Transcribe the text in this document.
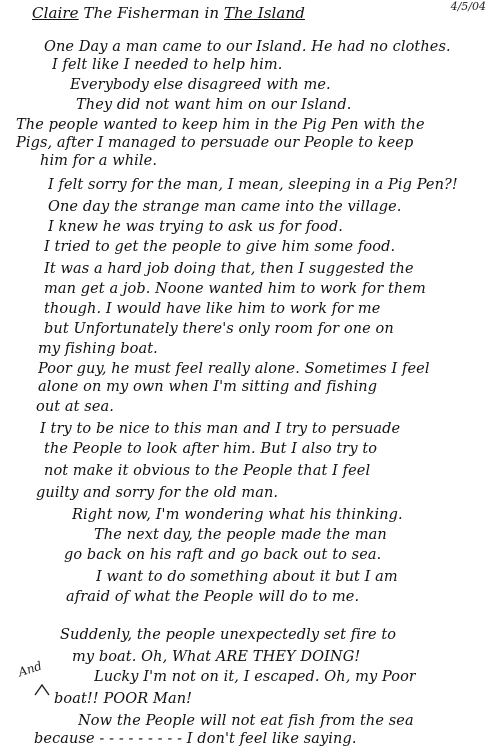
Claire The Fisherman in The Island	4/5/04
One Day a man came to our Island. He had no clothes.
I felt like I needed to help him.
Everybody else disagreed with me.
They did not want him on our Island.
The people wanted to keep him in the Pig Pen with the
Pigs, after I managed to persuade our People to keep
him for a while.
I felt sorry for the man, I mean, sleeping in a Pig Pen?!
One day the strange man came into the village.
I knew he was trying to ask us for food.
I tried to get the people to give him some food.
It was a hard job doing that, then I suggested the
man get a job. Noone wanted him to work for them
though. I would have like him to work for me
but Unfortunately there's only room for one on
my fishing boat.
Poor guy, he must feel really alone. Sometimes I feel
alone on my own when I'm sitting and fishing
out at sea.
I try to be nice to this man and I try to persuade
the People to look after him. But I also try to
not make it obvious to the People that I feel
guilty and sorry for the old man.
Right now, I'm wondering what his thinking.
The next day, the people made the man
go back on his raft and go back out to sea.
I want to do something about it but I am
afraid of what the People will do to me.
Suddenly, the people unexpectedly set fire to
my boat. Oh, What ARE THEY DOING!
Lucky I'm not on it, I escaped. Oh, my Poor
boat!! POOR Man!
Now the People will not eat fish from the sea
because - - - - - - - - - I don't feel like saying.
And
